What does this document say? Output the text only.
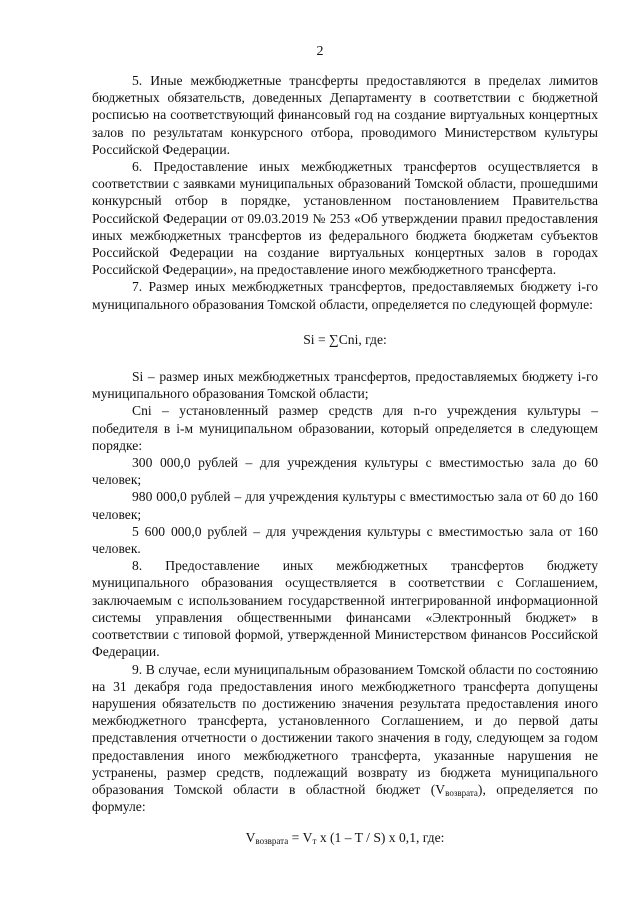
2

5. Иные межбюджетные трансферты предоставляются в пределах лимитов бюджетных обязательств, доведенных Департаменту в соответствии с бюджетной росписью на соответствующий финансовый год на создание виртуальных концертных залов по результатам конкурсного отбора, проводимого Министерством культуры Российской Федерации.

6. Предоставление иных межбюджетных трансфертов осуществляется в соответствии с заявками муниципальных образований Томской области, прошедшими конкурсный отбор в порядке, установленном постановлением Правительства Российской Федерации от 09.03.2019 № 253 «Об утверждении правил предоставления иных межбюджетных трансфертов из федерального бюджета бюджетам субъектов Российской Федерации на создание виртуальных концертных залов в городах Российской Федерации», на предоставление иного межбюджетного трансферта.

7. Размер иных межбюджетных трансфертов, предоставляемых бюджету i-го муниципального образования Томской области, определяется по следующей формуле:

Si = ∑Cni, где:

Si – размер иных межбюджетных трансфертов, предоставляемых бюджету i-го муниципального образования Томской области;

Cni – установленный размер средств для n-го учреждения культуры – победителя в i-м муниципальном образовании, который определяется в следующем порядке:

300 000,0 рублей – для учреждения культуры с вместимостью зала до 60 человек;

980 000,0 рублей – для учреждения культуры с вместимостью зала от 60 до 160 человек;

5 600 000,0 рублей – для учреждения культуры с вместимостью зала от 160 человек.

8. Предоставление иных межбюджетных трансфертов бюджету муниципального образования осуществляется в соответствии с Соглашением, заключаемым с использованием государственной интегрированной информационной системы управления общественными финансами «Электронный бюджет» в соответствии с типовой формой, утвержденной Министерством финансов Российской Федерации.

9. В случае, если муниципальным образованием Томской области по состоянию на 31 декабря года предоставления иного межбюджетного трансферта допущены нарушения обязательств по достижению значения результата предоставления иного межбюджетного трансферта, установленного Соглашением, и до первой даты представления отчетности о достижении такого значения в году, следующем за годом предоставления иного межбюджетного трансферта, указанные нарушения не устранены, размер средств, подлежащий возврату из бюджета муниципального образования Томской области в областной бюджет $(V_{возврата})$, определяется по формуле:

$V_{возврата} = V_т$ x (1 – T / S) x 0,1, где:
